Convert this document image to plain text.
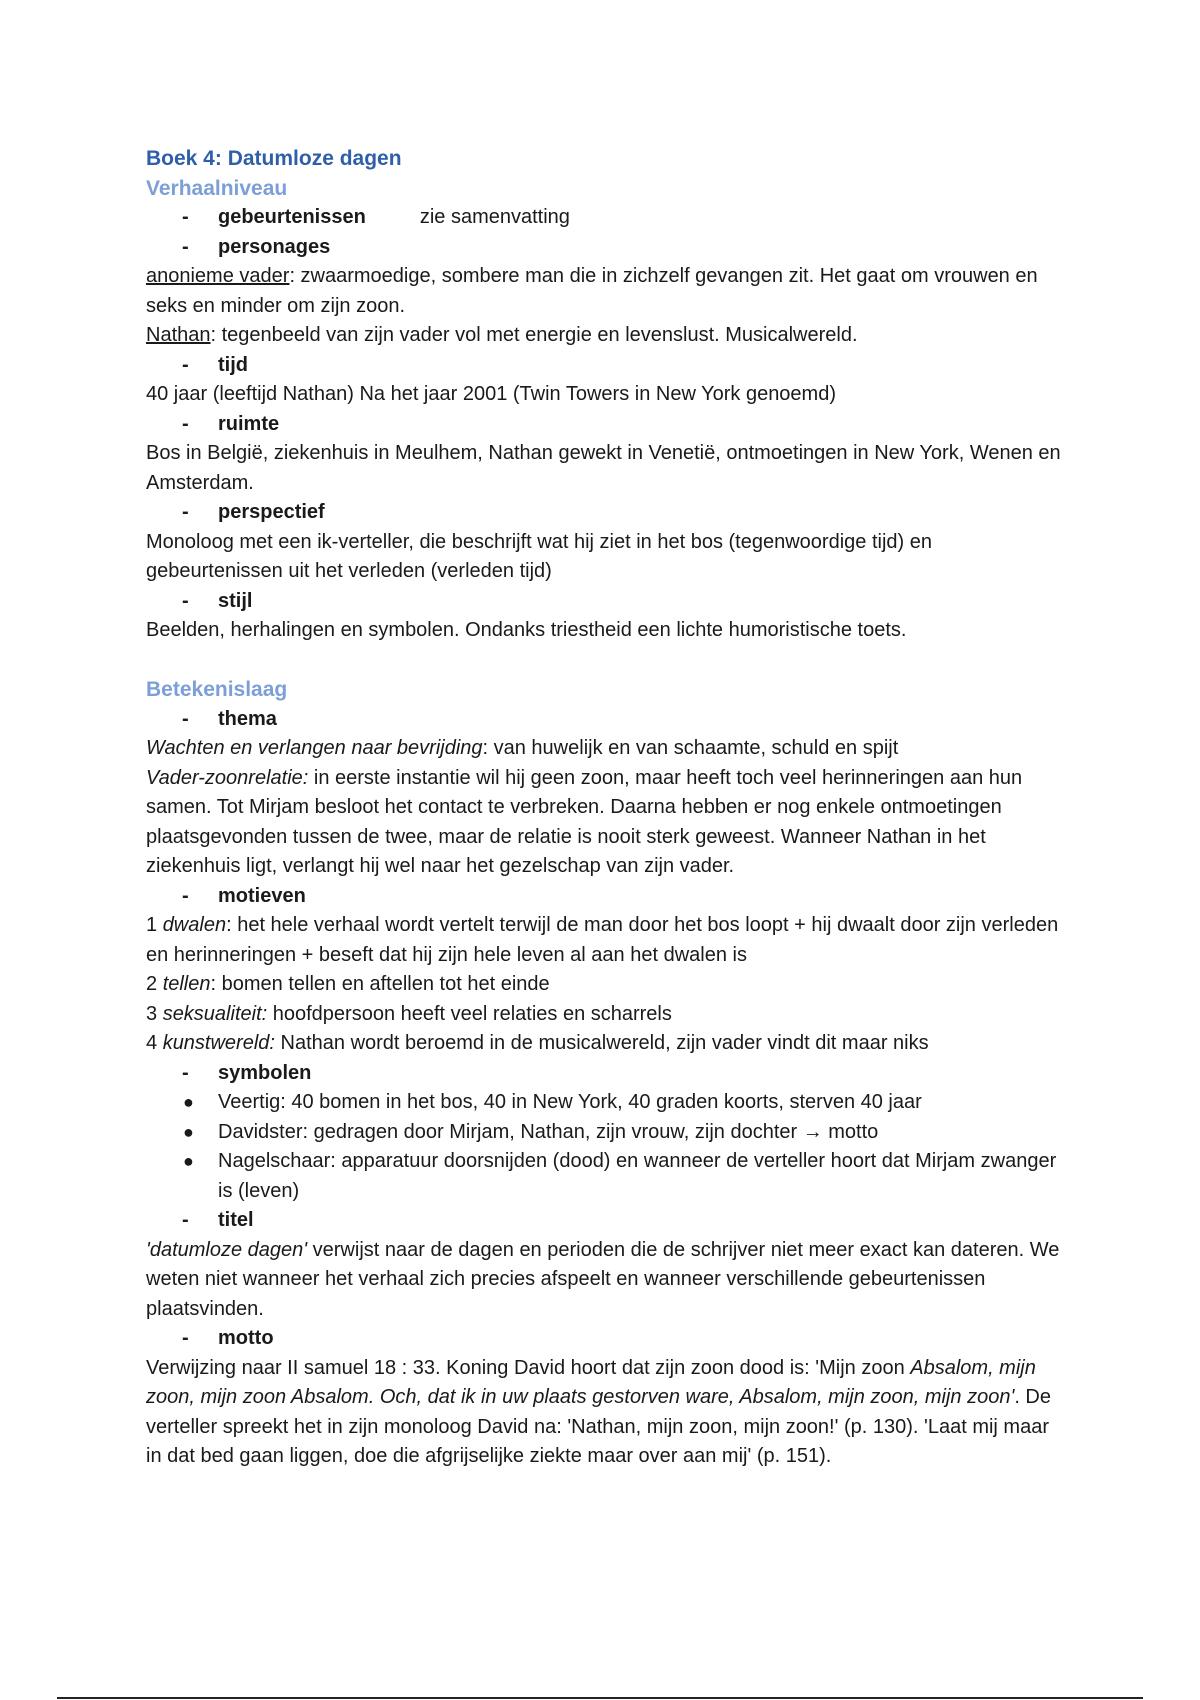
Boek 4: Datumloze dagen
Verhaalniveau
- gebeurtenissen	zie samenvatting
- personages
anonieme vader: zwaarmoedige, sombere man die in zichzelf gevangen zit. Het gaat om vrouwen en seks en minder om zijn zoon.
Nathan: tegenbeeld van zijn vader vol met energie en levenslust. Musicalwereld.
- tijd
40 jaar (leeftijd Nathan) Na het jaar 2001 (Twin Towers in New York genoemd)
- ruimte
Bos in België, ziekenhuis in Meulhem, Nathan gewekt in Venetië, ontmoetingen in New York, Wenen en Amsterdam.
- perspectief
Monoloog met een ik-verteller, die beschrijft wat hij ziet in het bos (tegenwoordige tijd) en gebeurtenissen uit het verleden (verleden tijd)
- stijl
Beelden, herhalingen en symbolen. Ondanks triestheid een lichte humoristische toets.
Betekenislaag
- thema
Wachten en verlangen naar bevrijding: van huwelijk en van schaamte, schuld en spijt
Vader-zoonrelatie: in eerste instantie wil hij geen zoon, maar heeft toch veel herinneringen aan hun samen. Tot Mirjam besloot het contact te verbreken. Daarna hebben er nog enkele ontmoetingen plaatsgevonden tussen de twee, maar de relatie is nooit sterk geweest. Wanneer Nathan in het ziekenhuis ligt, verlangt hij wel naar het gezelschap van zijn vader.
- motieven
1 dwalen: het hele verhaal wordt vertelt terwijl de man door het bos loopt + hij dwaalt door zijn verleden en herinneringen + beseft dat hij zijn hele leven al aan het dwalen is
2 tellen: bomen tellen en aftellen tot het einde
3 seksualiteit: hoofdpersoon heeft veel relaties en scharrels
4 kunstwereld: Nathan wordt beroemd in de musicalwereld, zijn vader vindt dit maar niks
- symbolen
● Veertig: 40 bomen in het bos, 40 in New York, 40 graden koorts, sterven 40 jaar
● Davidster: gedragen door Mirjam, Nathan, zijn vrouw, zijn dochter → motto
● Nagelschaar: apparatuur doorsnijden (dood) en wanneer de verteller hoort dat Mirjam zwanger is (leven)
- titel
'datumloze dagen' verwijst naar de dagen en perioden die de schrijver niet meer exact kan dateren. We weten niet wanneer het verhaal zich precies afspeelt en wanneer verschillende gebeurtenissen plaatsvinden.
- motto
Verwijzing naar II samuel 18 : 33. Koning David hoort dat zijn zoon dood is: 'Mijn zoon Absalom, mijn zoon, mijn zoon Absalom. Och, dat ik in uw plaats gestorven ware, Absalom, mijn zoon, mijn zoon'. De verteller spreekt het in zijn monoloog David na: 'Nathan, mijn zoon, mijn zoon!' (p. 130). 'Laat mij maar in dat bed gaan liggen, doe die afgrijselijke ziekte maar over aan mij' (p. 151).
